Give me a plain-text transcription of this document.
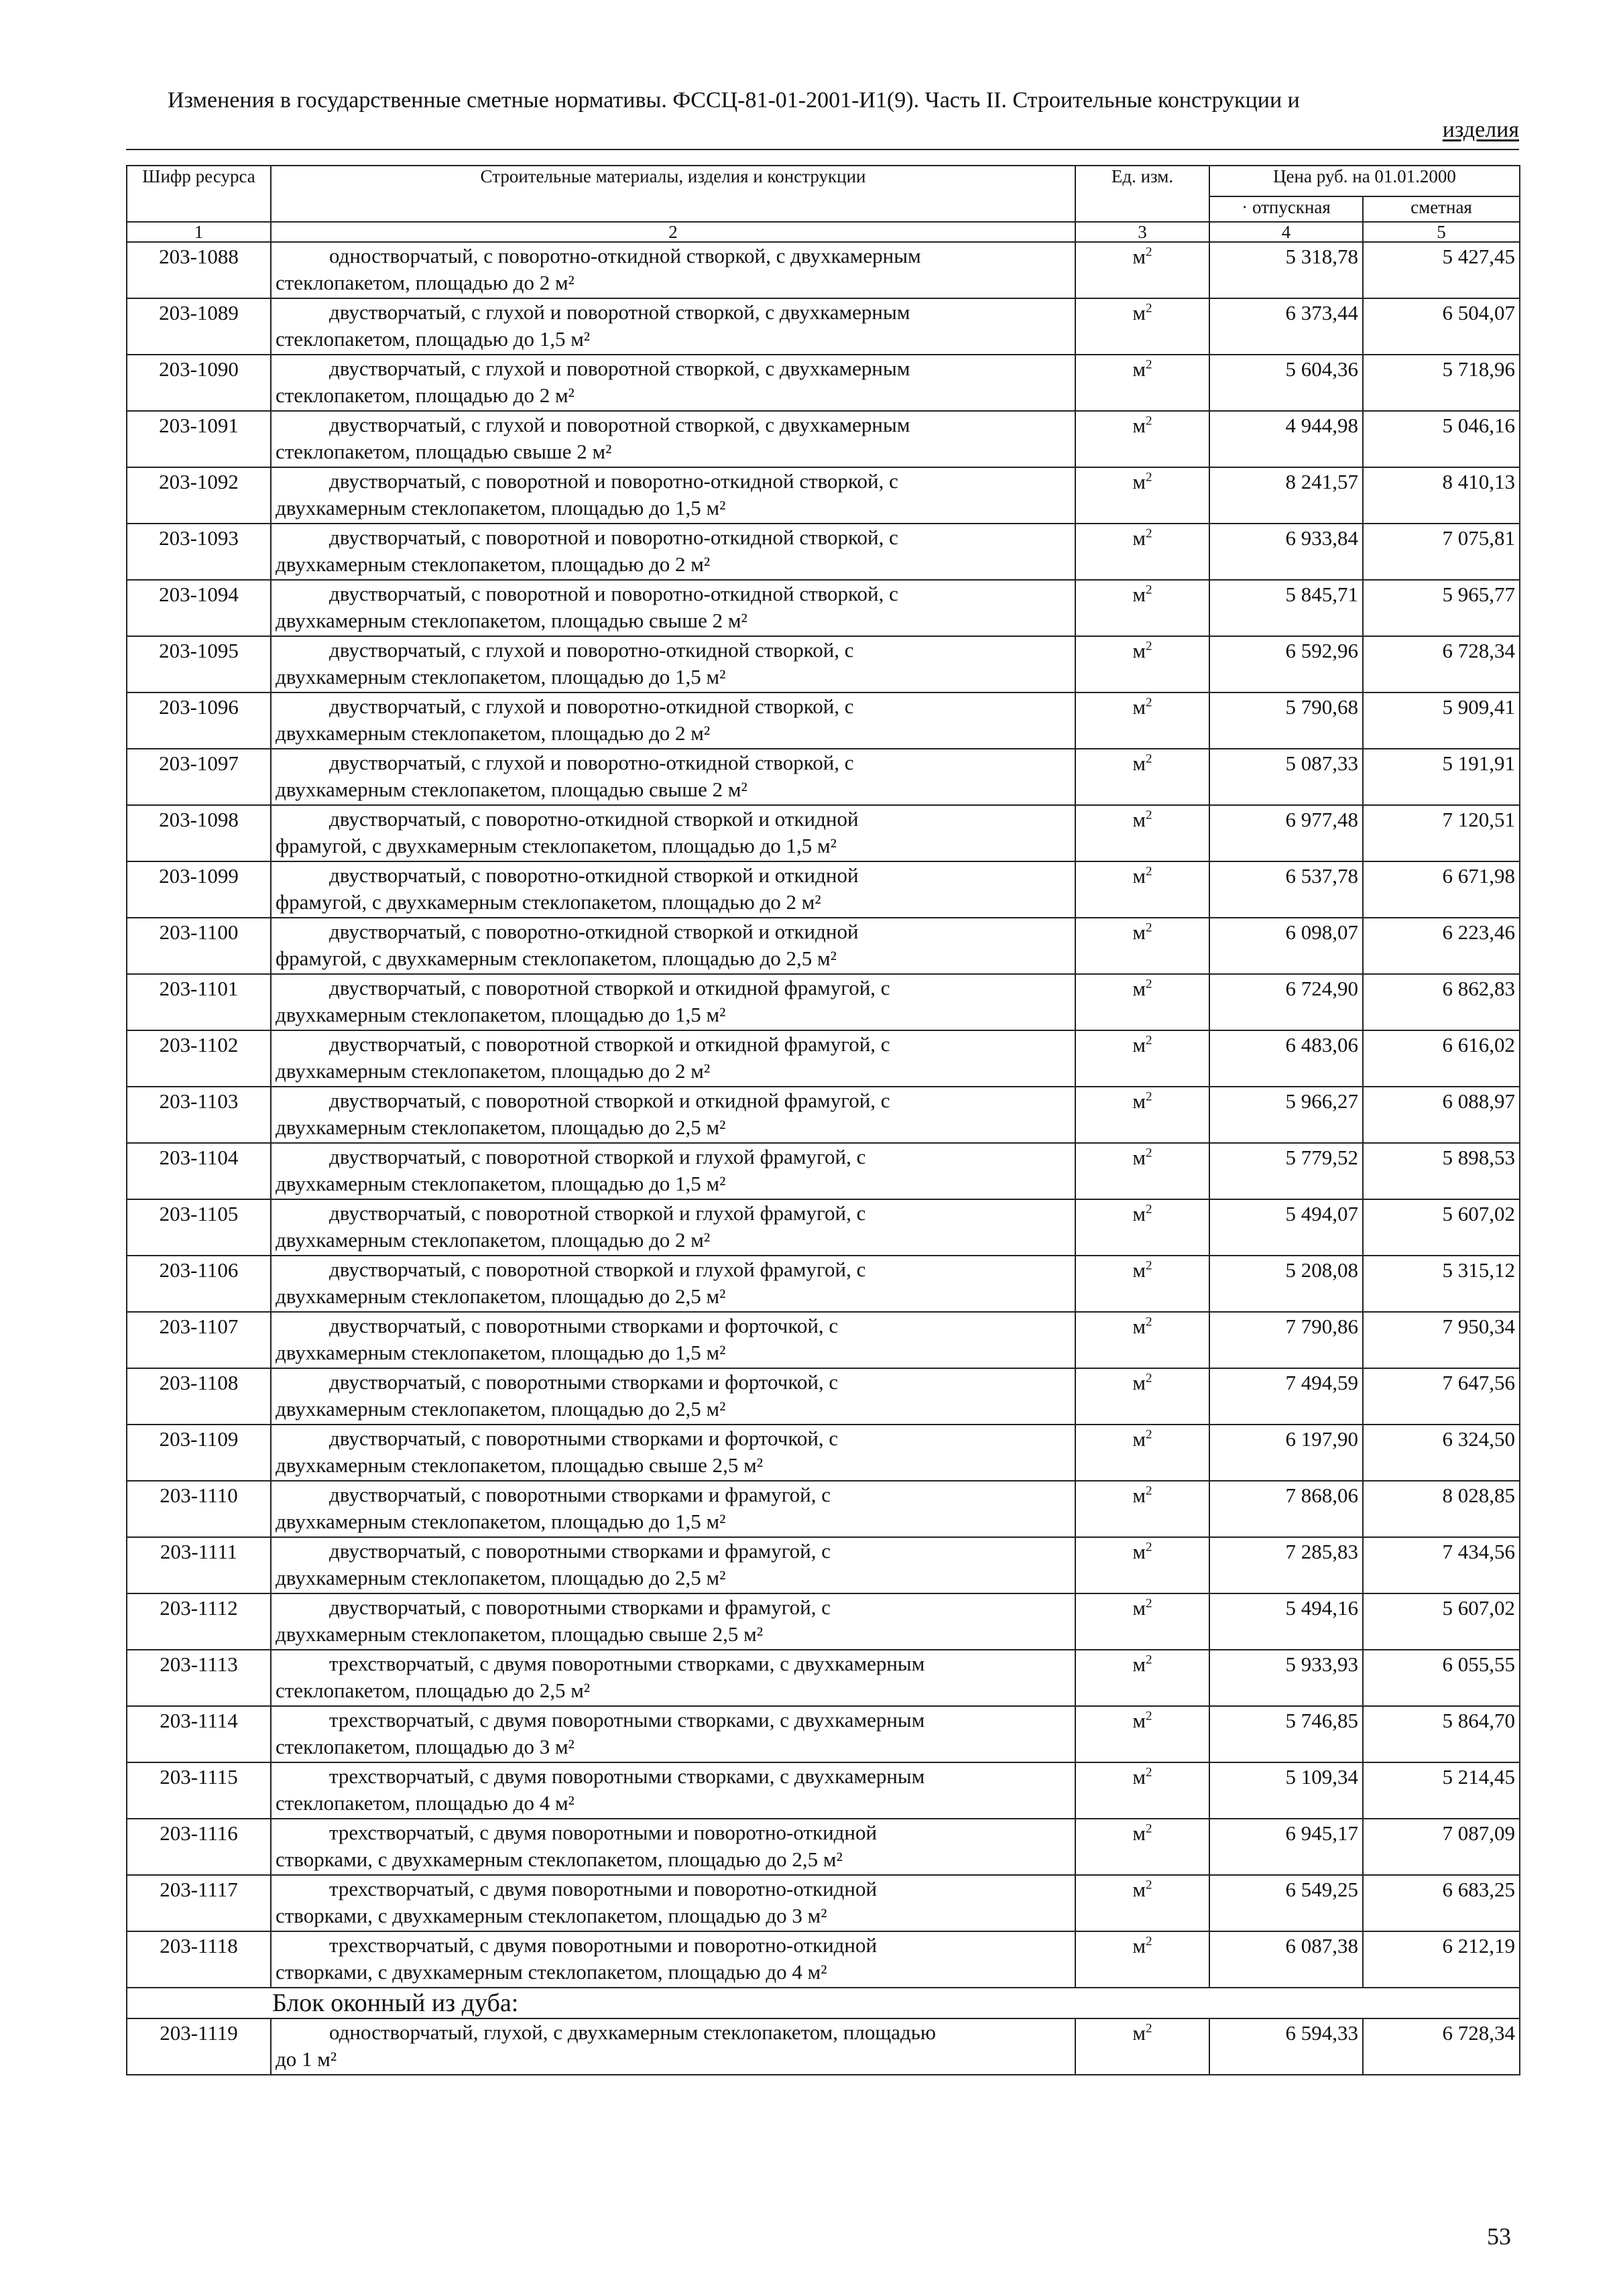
Изменения в государственные сметные нормативы. ФССЦ-81-01-2001-И1(9). Часть II. Строительные конструкции и
изделия
Шифр ресурса	Строительные материалы, изделия и конструкции	Ед. изм.	Цена руб. на 01.01.2000	
			· отпускная	сметная
1	2	3	4	5
203-1088	одностворчатый, с поворотно-откидной створкой, с двухкамерным
стеклопакетом, площадью до 2 м²	$м^2$	5 318,78	5 427,45
203-1089	двустворчатый, с глухой и поворотной створкой, с двухкамерным
стеклопакетом, площадью до 1,5 м²	$м^2$	6 373,44	6 504,07
203-1090	двустворчатый, с глухой и поворотной створкой, с двухкамерным
стеклопакетом, площадью до 2 м²	$м^2$	5 604,36	5 718,96
203-1091	двустворчатый, с глухой и поворотной створкой, с двухкамерным
стеклопакетом, площадью свыше 2 м²	$м^2$	4 944,98	5 046,16
203-1092	двустворчатый, с поворотной и поворотно-откидной створкой, с
двухкамерным стеклопакетом, площадью до 1,5 м²	$м^2$	8 241,57	8 410,13
203-1093	двустворчатый, с поворотной и поворотно-откидной створкой, с
двухкамерным стеклопакетом, площадью до 2 м²	$м^2$	6 933,84	7 075,81
203-1094	двустворчатый, с поворотной и поворотно-откидной створкой, с
двухкамерным стеклопакетом, площадью свыше 2 м²	$м^2$	5 845,71	5 965,77
203-1095	двустворчатый, с глухой и поворотно-откидной створкой, с
двухкамерным стеклопакетом, площадью до 1,5 м²	$м^2$	6 592,96	6 728,34
203-1096	двустворчатый, с глухой и поворотно-откидной створкой, с
двухкамерным стеклопакетом, площадью до 2 м²	$м^2$	5 790,68	5 909,41
203-1097	двустворчатый, с глухой и поворотно-откидной створкой, с
двухкамерным стеклопакетом, площадью свыше 2 м²	$м^2$	5 087,33	5 191,91
203-1098	двустворчатый, с поворотно-откидной створкой и откидной
фрамугой, с двухкамерным стеклопакетом, площадью до 1,5 м²	$м^2$	6 977,48	7 120,51
203-1099	двустворчатый, с поворотно-откидной створкой и откидной
фрамугой, с двухкамерным стеклопакетом, площадью до 2 м²	$м^2$	6 537,78	6 671,98
203-1100	двустворчатый, с поворотно-откидной створкой и откидной
фрамугой, с двухкамерным стеклопакетом, площадью до 2,5 м²	$м^2$	6 098,07	6 223,46
203-1101	двустворчатый, с поворотной створкой и откидной фрамугой, с
двухкамерным стеклопакетом, площадью до 1,5 м²	$м^2$	6 724,90	6 862,83
203-1102	двустворчатый, с поворотной створкой и откидной фрамугой, с
двухкамерным стеклопакетом, площадью до 2 м²	$м^2$	6 483,06	6 616,02
203-1103	двустворчатый, с поворотной створкой и откидной фрамугой, с
двухкамерным стеклопакетом, площадью до 2,5 м²	$м^2$	5 966,27	6 088,97
203-1104	двустворчатый, с поворотной створкой и глухой фрамугой, с
двухкамерным стеклопакетом, площадью до 1,5 м²	$м^2$	5 779,52	5 898,53
203-1105	двустворчатый, с поворотной створкой и глухой фрамугой, с
двухкамерным стеклопакетом, площадью до 2 м²	$м^2$	5 494,07	5 607,02
203-1106	двустворчатый, с поворотной створкой и глухой фрамугой, с
двухкамерным стеклопакетом, площадью до 2,5 м²	$м^2$	5 208,08	5 315,12
203-1107	двустворчатый, с поворотными створками и форточкой, с
двухкамерным стеклопакетом, площадью до 1,5 м²	$м^2$	7 790,86	7 950,34
203-1108	двустворчатый, с поворотными створками и форточкой, с
двухкамерным стеклопакетом, площадью до 2,5 м²	$м^2$	7 494,59	7 647,56
203-1109	двустворчатый, с поворотными створками и форточкой, с
двухкамерным стеклопакетом, площадью свыше 2,5 м²	$м^2$	6 197,90	6 324,50
203-1110	двустворчатый, с поворотными створками и фрамугой, с
двухкамерным стеклопакетом, площадью до 1,5 м²	$м^2$	7 868,06	8 028,85
203-1111	двустворчатый, с поворотными створками и фрамугой, с
двухкамерным стеклопакетом, площадью до 2,5 м²	$м^2$	7 285,83	7 434,56
203-1112	двустворчатый, с поворотными створками и фрамугой, с
двухкамерным стеклопакетом, площадью свыше 2,5 м²	$м^2$	5 494,16	5 607,02
203-1113	трехстворчатый, с двумя поворотными створками, с двухкамерным
стеклопакетом, площадью до 2,5 м²	$м^2$	5 933,93	6 055,55
203-1114	трехстворчатый, с двумя поворотными створками, с двухкамерным
стеклопакетом, площадью до 3 м²	$м^2$	5 746,85	5 864,70
203-1115	трехстворчатый, с двумя поворотными створками, с двухкамерным
стеклопакетом, площадью до 4 м²	$м^2$	5 109,34	5 214,45
203-1116	трехстворчатый, с двумя поворотными и поворотно-откидной
створками, с двухкамерным стеклопакетом, площадью до 2,5 м²	$м^2$	6 945,17	7 087,09
203-1117	трехстворчатый, с двумя поворотными и поворотно-откидной
створками, с двухкамерным стеклопакетом, площадью до 3 м²	$м^2$	6 549,25	6 683,25
203-1118	трехстворчатый, с двумя поворотными и поворотно-откидной
створками, с двухкамерным стеклопакетом, площадью до 4 м²	$м^2$	6 087,38	6 212,19
Блок оконный из дуба:				
203-1119	одностворчатый, глухой, с двухкамерным стеклопакетом, площадью
до 1 м²	$м^2$	6 594,33	6 728,34
53
